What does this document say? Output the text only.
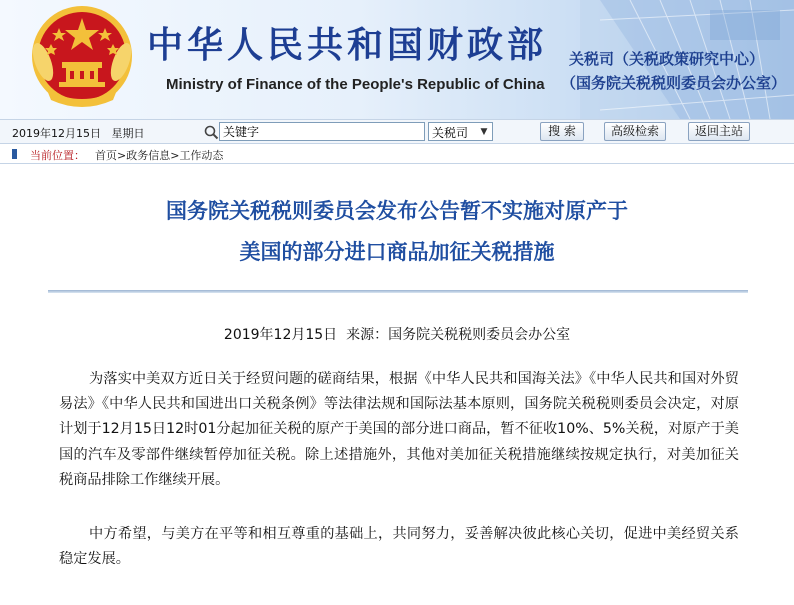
中华人民共和国财政部
Ministry of Finance of the People's Republic of China
关税司（关税政策研究中心）
（国务院关税税则委员会办公室）
2019年12月15日   星期日
关键字	关税司 ▼	搜 索	高级检索	返回主站
当前位置： 首页>政务信息>工作动态
国务院关税税则委员会发布公告暂不实施对原产于
美国的部分进口商品加征关税措施
2019年12月15日  来源：国务院关税税则委员会办公室
为落实中美双方近日关于经贸问题的磋商结果，根据《中华人民共和国海关法》《中华人民共和国对外贸易法》《中华人民共和国进出口关税条例》等法律法规和国际法基本原则，国务院关税税则委员会决定，对原计划于12月15日12时01分起加征关税的原产于美国的部分进口商品，暂不征收10%、5%关税，对原产于美国的汽车及零部件继续暂停加征关税。除上述措施外，其他对美加征关税措施继续按规定执行，对美加征关税商品排除工作继续开展。
中方希望，与美方在平等和相互尊重的基础上，共同努力，妥善解决彼此核心关切，促进中美经贸关系稳定发展。
